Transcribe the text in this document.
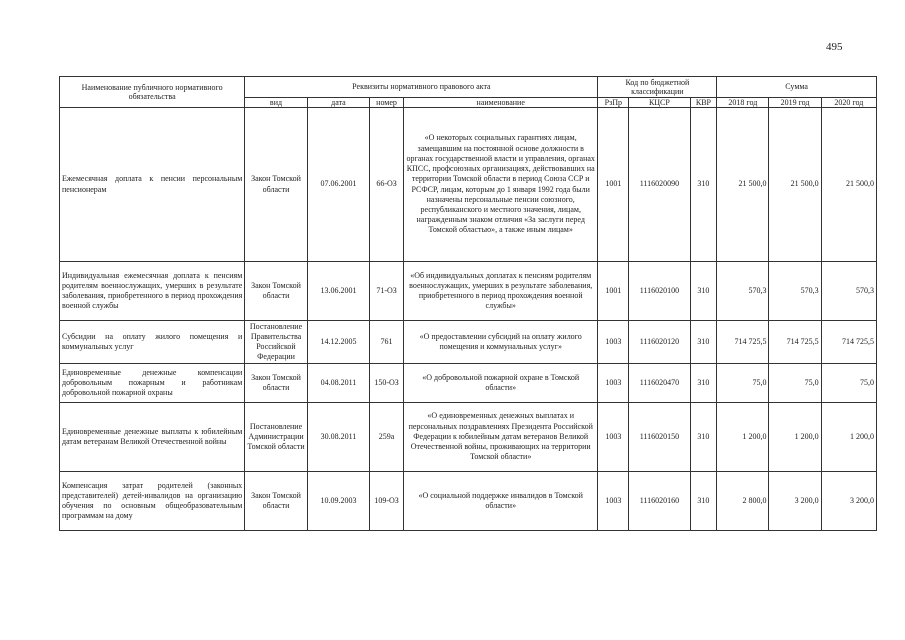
495
Наименование публичного нормативного обязательства	Реквизиты нормативного правового акта				Код по бюджетной классификации			Сумма		
	вид	дата	номер	наименование	РзПр	КЦСР	КВР	2018 год	2019 год	2020 год
Ежемесячная доплата к пенсии персональным пенсионерам	Закон Томской области	07.06.2001	66-ОЗ	«О некоторых социальных гарантиях лицам, замещавшим на постоянной основе должности в органах государственной власти и управления, органах КПСС, профсоюзных организациях, действовавших на территории Томской области в период Союза ССР и РСФСР, лицам, которым до 1 января 1992 года были назначены персональные пенсии союзного, республиканского и местного значения, лицам, награжденным знаком отличия «За заслуги перед Томской областью», а также иным лицам»	1001	1116020090	310	21 500,0	21 500,0	21 500,0
Индивидуальная ежемесячная доплата к пенсиям родителям военнослужащих, умерших в результате заболевания, приобретенного в период прохождения военной службы	Закон Томской области	13.06.2001	71-ОЗ	«Об индивидуальных доплатах к пенсиям родителям военнослужащих, умерших в результате заболевания, приобретенного в период прохождения военной службы»	1001	1116020100	310	570,3	570,3	570,3
Субсидии на оплату жилого помещения и коммунальных услуг	Постановление Правительства Российской Федерации	14.12.2005	761	«О предоставлении субсидий на оплату жилого помещения и коммунальных услуг»	1003	1116020120	310	714 725,5	714 725,5	714 725,5
Единовременные денежные компенсации добровольным пожарным и работникам добровольной пожарной охраны	Закон Томской области	04.08.2011	150-ОЗ	«О добровольной пожарной охране в Томской области»	1003	1116020470	310	75,0	75,0	75,0
Единовременные денежные выплаты к юбилейным датам ветеранам Великой Отечественной войны	Постановление Администрации Томской области	30.08.2011	259а	«О единовременных денежных выплатах и персональных поздравлениях Президента Российской Федерации к юбилейным датам ветеранов Великой Отечественной войны, проживающих на территории Томской области»	1003	1116020150	310	1 200,0	1 200,0	1 200,0
Компенсация затрат родителей (законных представителей) детей-инвалидов на организацию обучения по основным общеобразовательным программам на дому	Закон Томской области	10.09.2003	109-ОЗ	«О социальной поддержке инвалидов в Томской области»	1003	1116020160	310	2 800,0	3 200,0	3 200,0
